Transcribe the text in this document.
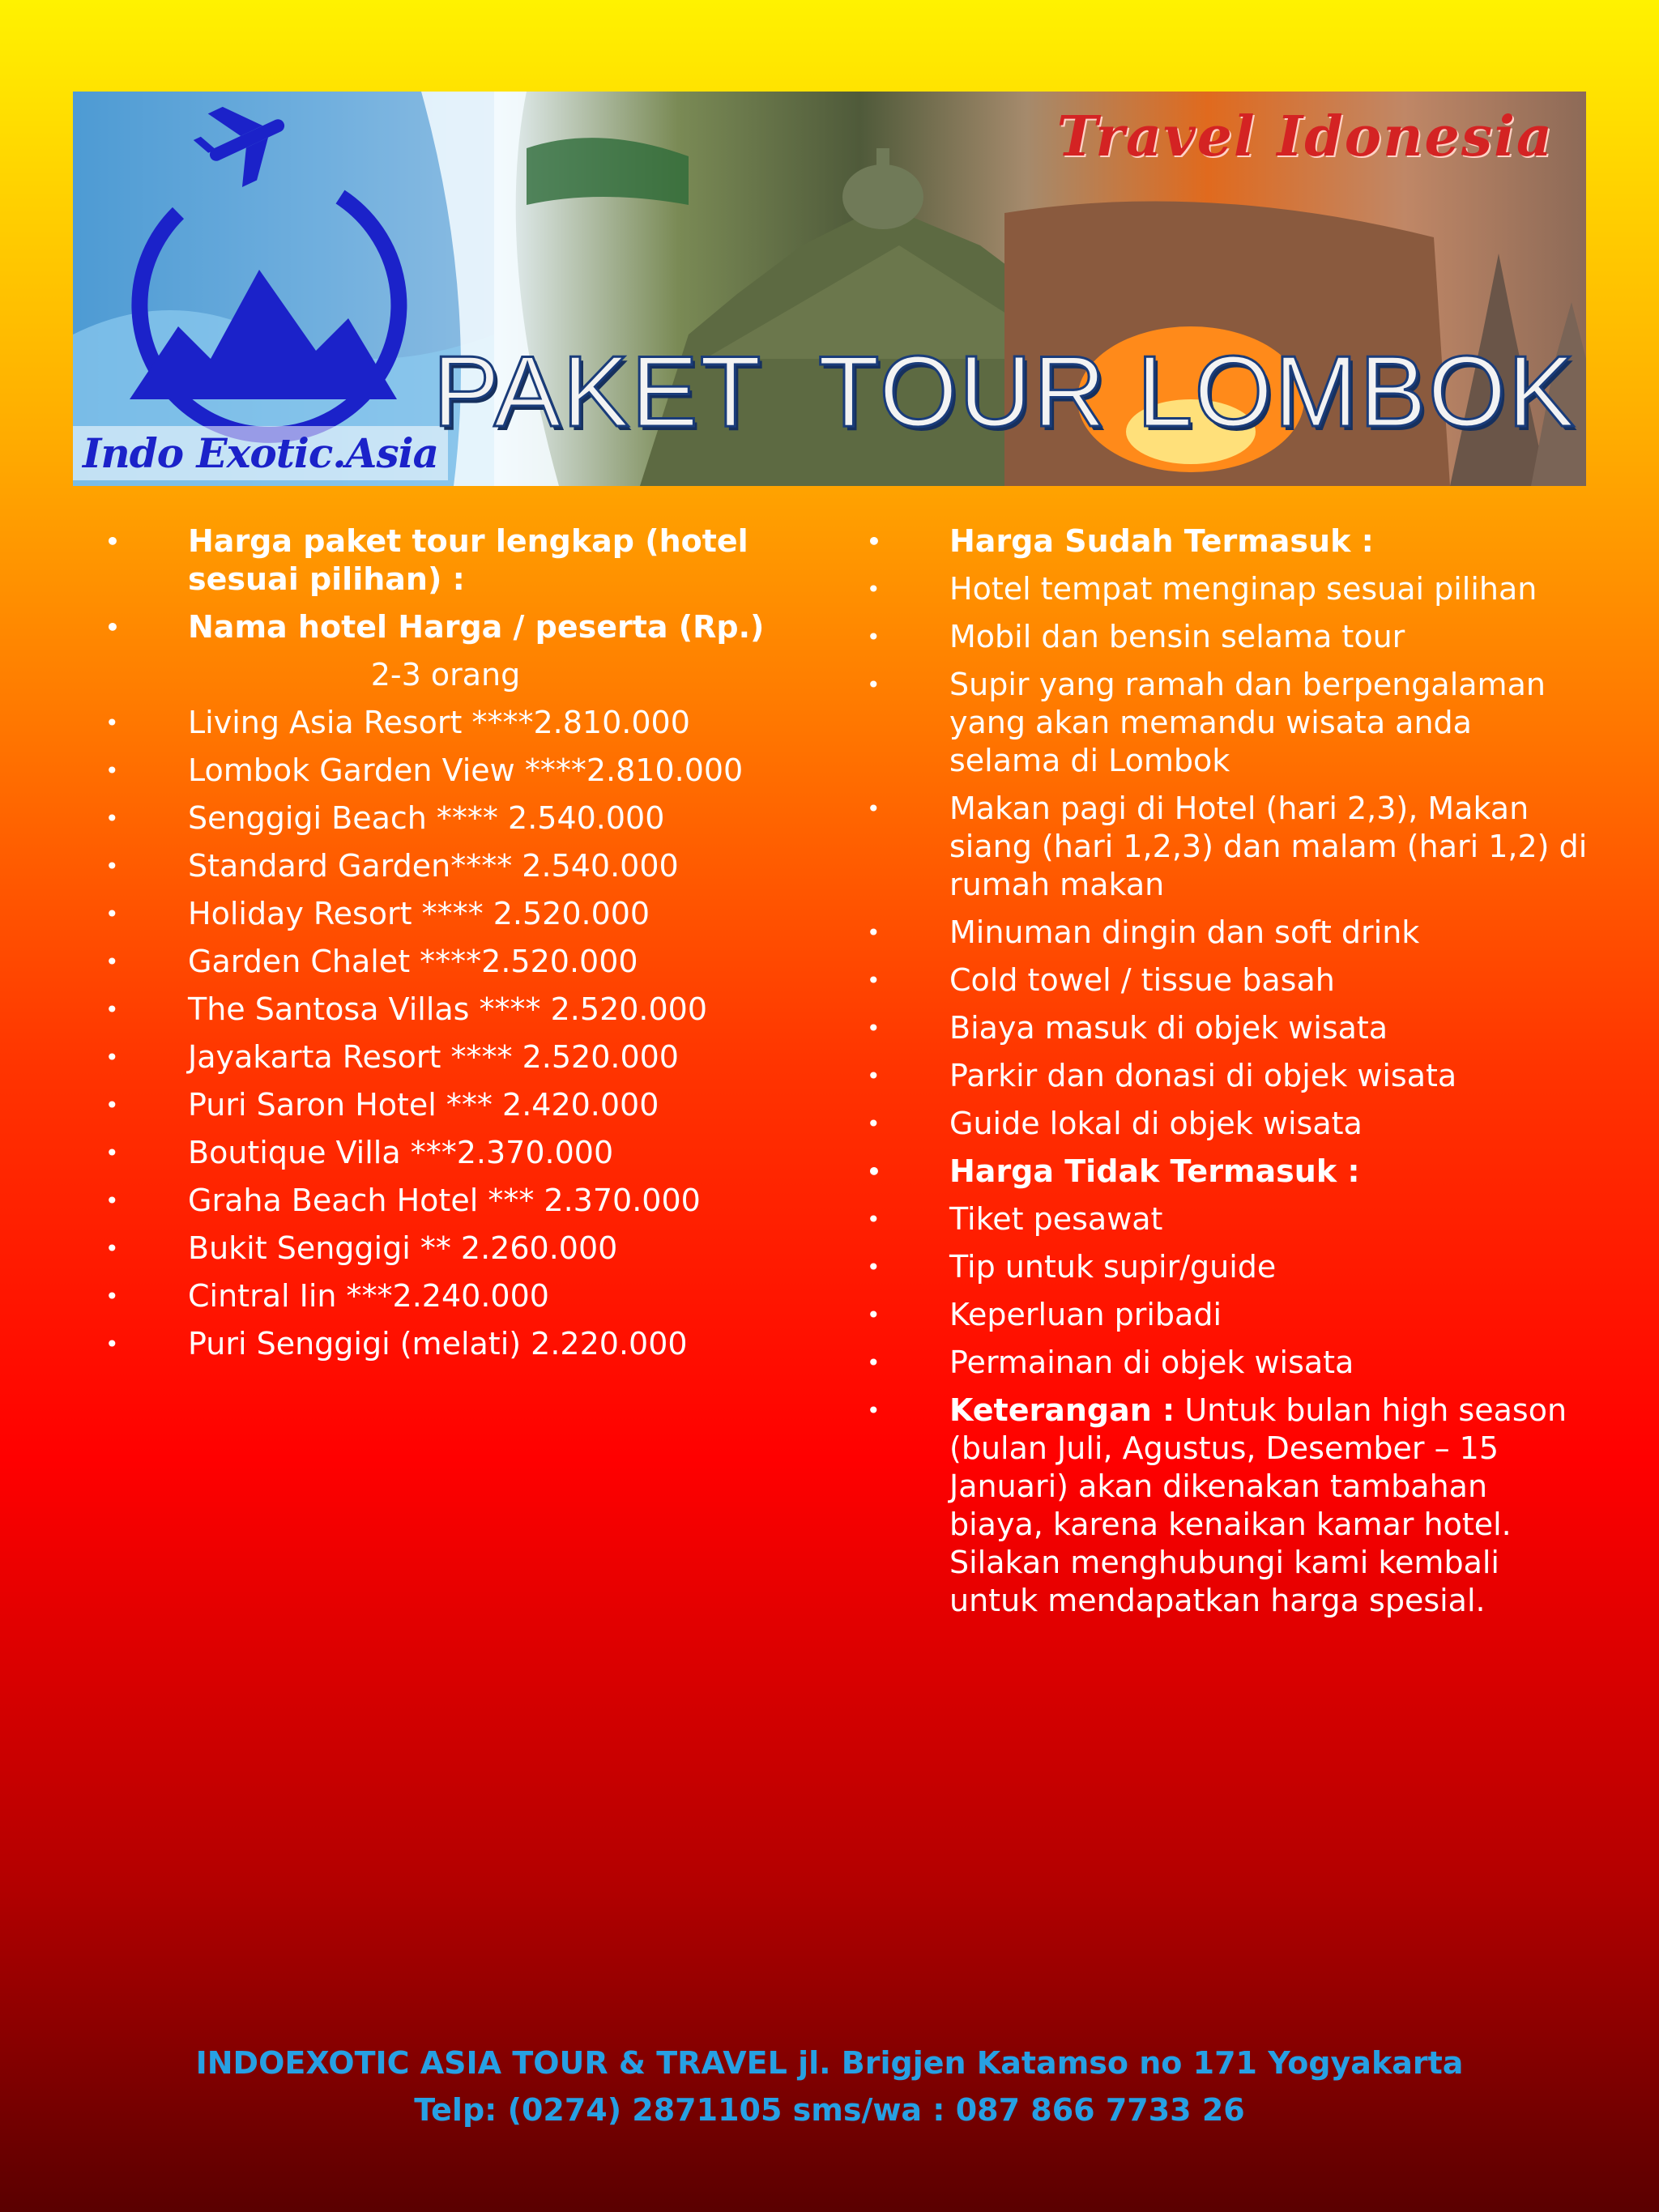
Travel Idonesia
Indo Exotic.Asia
PAKET  TOUR LOMBOK
• Harga paket tour lengkap (hotel sesuai pilihan) :
• Nama hotel Harga / peserta (Rp.)
2-3 orang
• Living Asia Resort ****2.810.000
• Lombok Garden View ****2.810.000
• Senggigi Beach **** 2.540.000
• Standard Garden**** 2.540.000
• Holiday Resort **** 2.520.000
• Garden Chalet ****2.520.000
• The Santosa Villas **** 2.520.000
• Jayakarta Resort **** 2.520.000
• Puri Saron Hotel *** 2.420.000
• Boutique Villa ***2.370.000
• Graha Beach Hotel *** 2.370.000
• Bukit Senggigi ** 2.260.000
• Cintral Iin ***2.240.000
• Puri Senggigi (melati) 2.220.000
• Harga Sudah Termasuk :
• Hotel tempat menginap sesuai pilihan
• Mobil dan bensin selama tour
• Supir yang ramah dan berpengalaman yang akan memandu wisata anda selama di Lombok
• Makan pagi di Hotel (hari 2,3), Makan siang (hari 1,2,3) dan malam (hari 1,2) di rumah makan
• Minuman dingin dan soft drink
• Cold towel / tissue basah
• Biaya masuk di objek wisata
• Parkir dan donasi di objek wisata
• Guide lokal di objek wisata
• Harga Tidak Termasuk :
• Tiket pesawat
• Tip untuk supir/guide
• Keperluan pribadi
• Permainan di objek wisata
• Keterangan : Untuk bulan high season (bulan Juli, Agustus, Desember – 15 Januari) akan dikenakan tambahan biaya, karena kenaikan kamar hotel. Silakan menghubungi kami kembali untuk mendapatkan harga spesial.
INDOEXOTIC ASIA TOUR & TRAVEL jl. Brigjen Katamso no 171 Yogyakarta
Telp: (0274) 2871105 sms/wa : 087 866 7733 26
